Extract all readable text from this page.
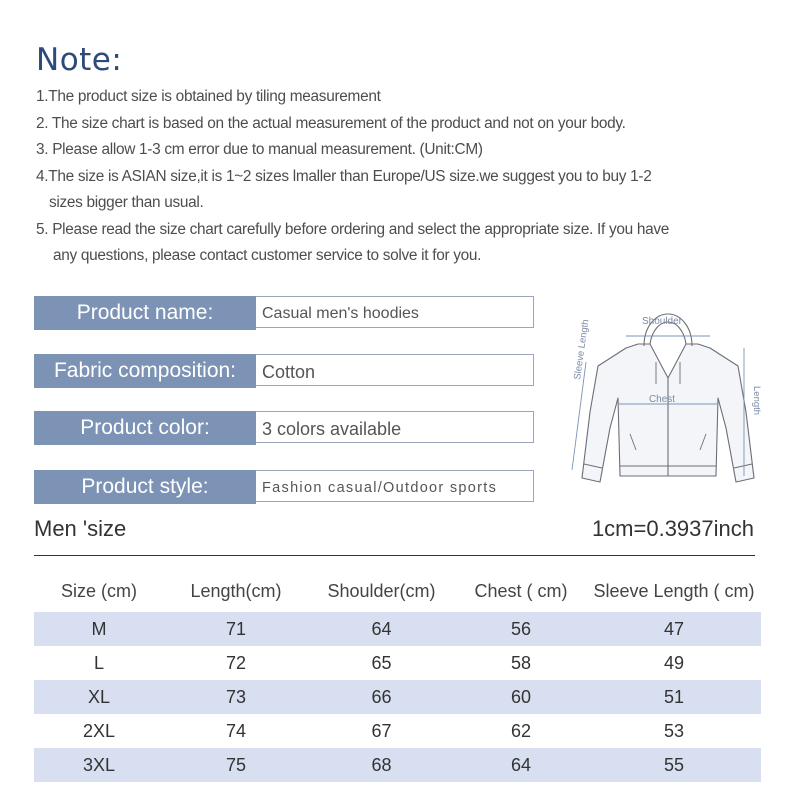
Note:
1.The product size is obtained by tiling measurement
2. The size chart is based on the actual measurement of the product and not on your body.
3. Please allow 1-3 cm error due to manual measurement. (Unit:CM)
4.The size is ASIAN size,it is 1~2 sizes lmaller than Europe/US size.we suggest you to buy 1-2
sizes bigger than usual.
5. Please read the size chart carefully before ordering and select the appropriate size. If you have
any questions, please contact customer service to solve it for you.
Product name:	Casual men's hoodies
Fabric composition:	Cotton
Product color:	3 colors available
Product style:	Fashion casual/Outdoor sports
Shoulder
Chest
Sleeve Length
Length
Men 'size	1cm=0.3937inch
Size (cm)	Length(cm)	Shoulder(cm)	Chest ( cm)	Sleeve Length ( cm)
M	71	64	56	47
L	72	65	58	49
XL	73	66	60	51
2XL	74	67	62	53
3XL	75	68	64	55
